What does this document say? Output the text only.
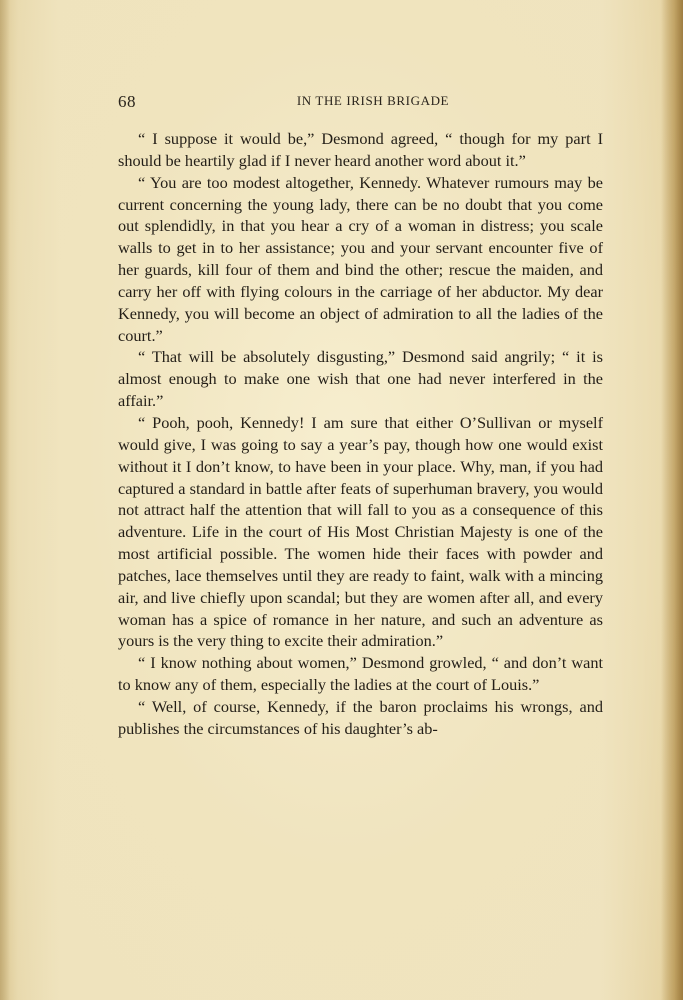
68	IN THE IRISH BRIGADE

“ I suppose it would be,” Desmond agreed, “ though for my part I should be heartily glad if I never heard another word about it.”

“ You are too modest altogether, Kennedy. Whatever rumours may be current concerning the young lady, there can be no doubt that you come out splendidly, in that you hear a cry of a woman in distress; you scale walls to get in to her assistance; you and your servant encounter five of her guards, kill four of them and bind the other; rescue the maiden, and carry her off with flying colours in the carriage of her abductor. My dear Kennedy, you will become an object of admiration to all the ladies of the court.”

“ That will be absolutely disgusting,” Desmond said angrily; “ it is almost enough to make one wish that one had never interfered in the affair.”

“ Pooh, pooh, Kennedy! I am sure that either O’Sullivan or myself would give, I was going to say a year’s pay, though how one would exist without it I don’t know, to have been in your place. Why, man, if you had captured a standard in battle after feats of superhuman bravery, you would not attract half the attention that will fall to you as a consequence of this adventure. Life in the court of His Most Christian Majesty is one of the most artificial possible. The women hide their faces with powder and patches, lace themselves until they are ready to faint, walk with a mincing air, and live chiefly upon scandal; but they are women after all, and every woman has a spice of romance in her nature, and such an adventure as yours is the very thing to excite their admiration.”

“ I know nothing about women,” Desmond growled, “ and don’t want to know any of them, especially the ladies at the court of Louis.”

“ Well, of course, Kennedy, if the baron proclaims his wrongs, and publishes the circumstances of his daughter’s ab-
